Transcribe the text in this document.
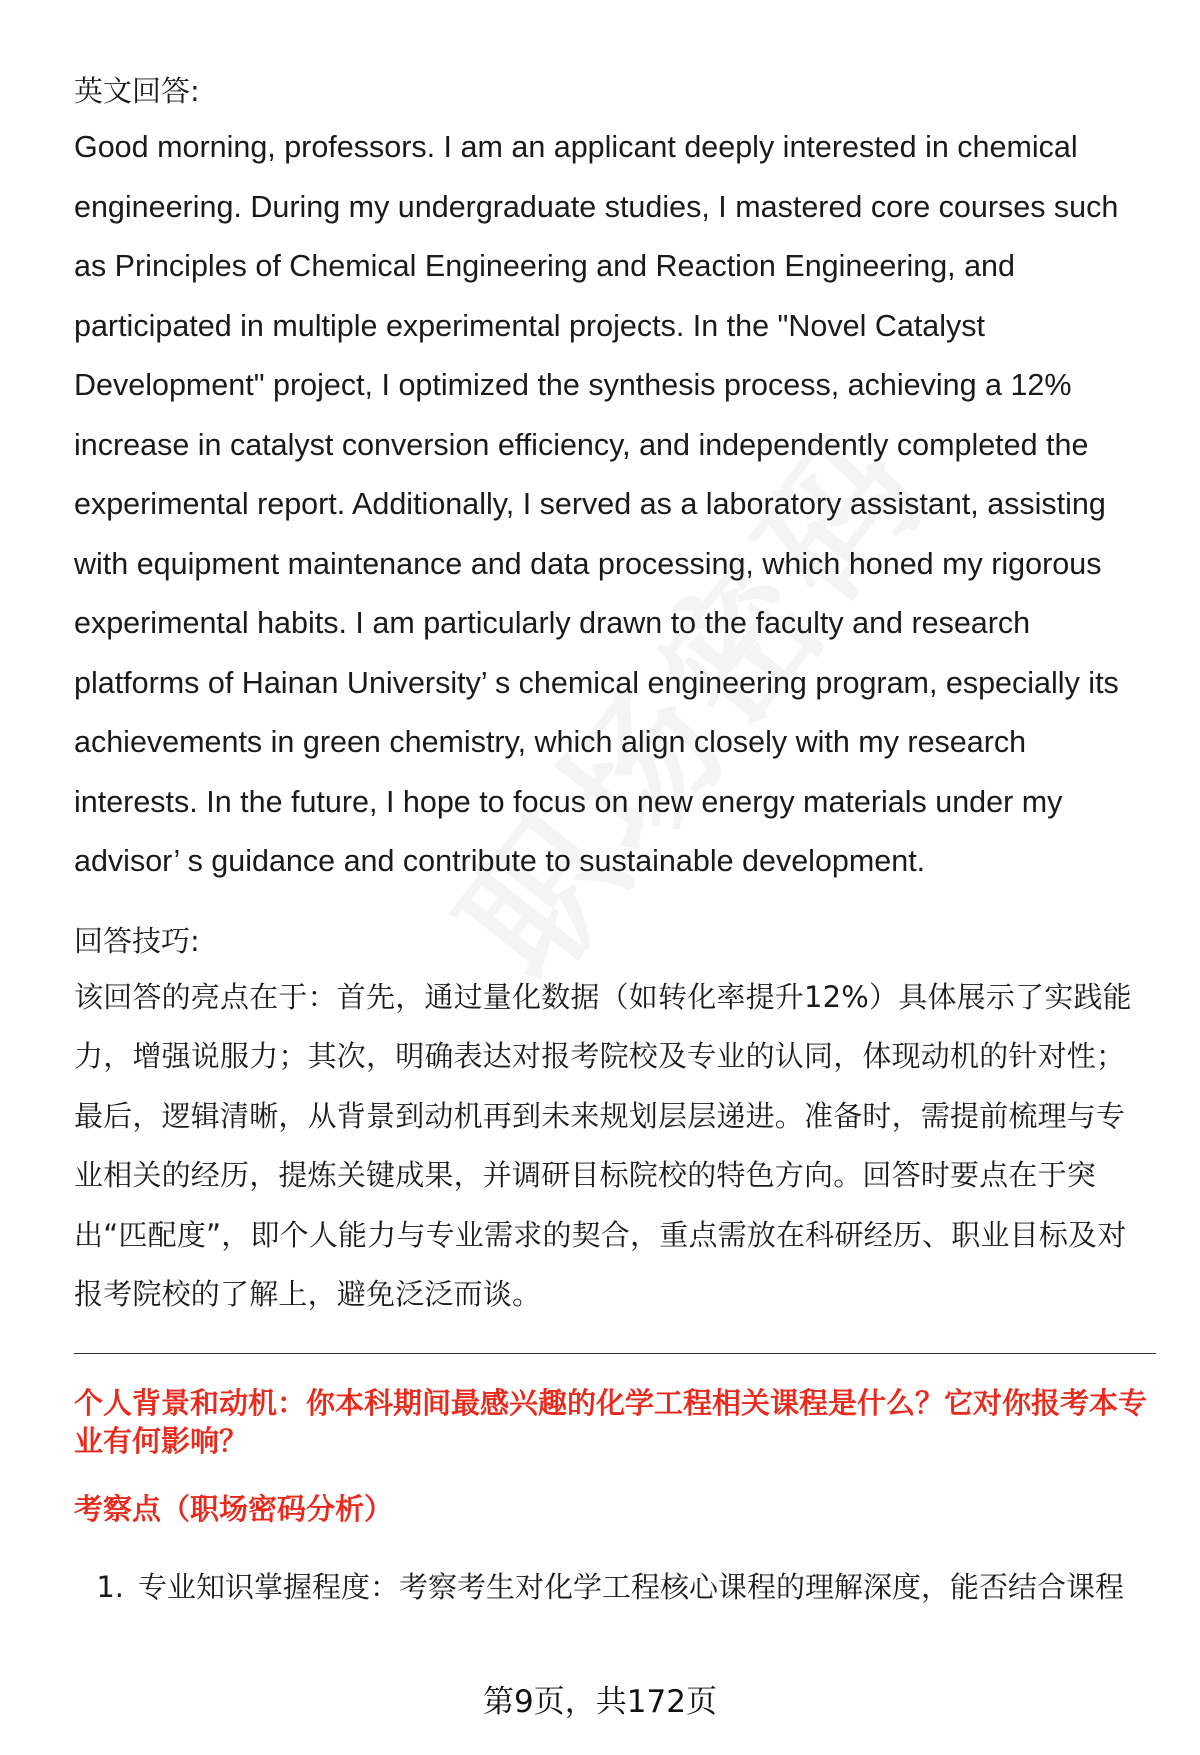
英文回答:

Good morning, professors. I am an applicant deeply interested in chemical engineering. During my undergraduate studies, I mastered core courses such as Principles of Chemical Engineering and Reaction Engineering, and participated in multiple experimental projects. In the "Novel Catalyst Development" project, I optimized the synthesis process, achieving a 12% increase in catalyst conversion efficiency, and independently completed the experimental report. Additionally, I served as a laboratory assistant, assisting with equipment maintenance and data processing, which honed my rigorous experimental habits. I am particularly drawn to the faculty and research platforms of Hainan University’ s chemical engineering program, especially its achievements in green chemistry, which align closely with my research interests. In the future, I hope to focus on new energy materials under my advisor’ s guidance and contribute to sustainable development.

回答技巧:

该回答的亮点在于：首先，通过量化数据（如转化率提升12%）具体展示了实践能力，增强说服力；其次，明确表达对报考院校及专业的认同，体现动机的针对性；最后，逻辑清晰，从背景到动机再到未来规划层层递进。准备时，需提前梳理与专业相关的经历，提炼关键成果，并调研目标院校的特色方向。回答时要点在于突出“匹配度”，即个人能力与专业需求的契合，重点需放在科研经历、职业目标及对报考院校的了解上，避免泛泛而谈。

个人背景和动机：你本科期间最感兴趣的化学工程相关课程是什么？它对你报考本专业有何影响？

考察点（职场密码分析）

1. 专业知识掌握程度：考察考生对化学工程核心课程的理解深度，能否结合课程
第9页，共172页
